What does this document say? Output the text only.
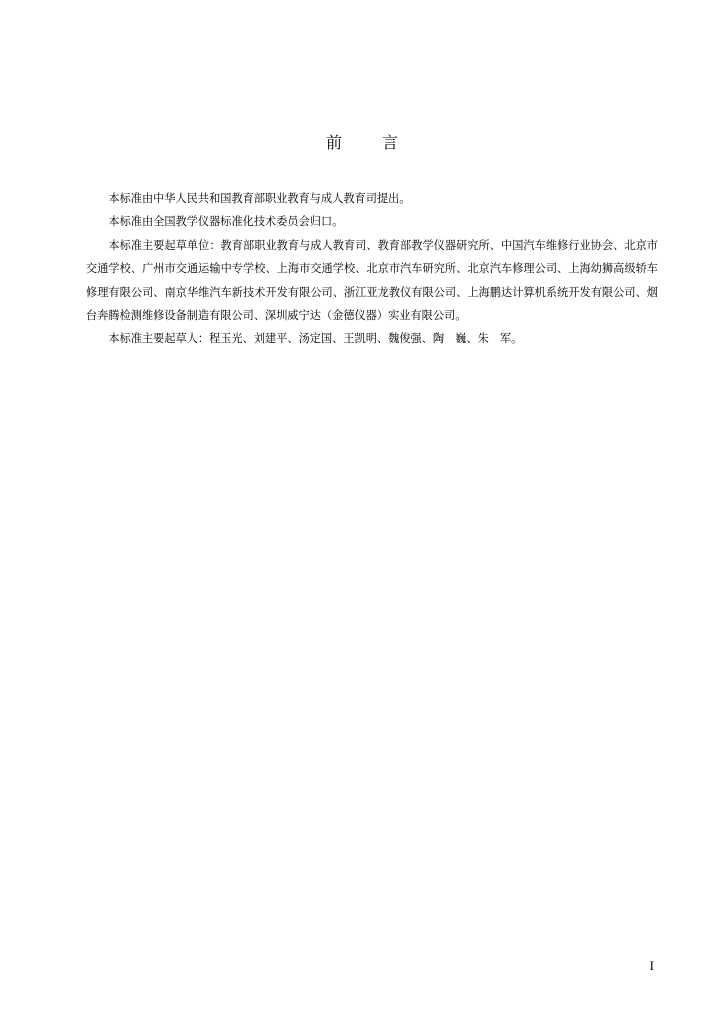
前	言

本标准由中华人民共和国教育部职业教育与成人教育司提出。

本标准由全国教学仪器标准化技术委员会归口。

本标准主要起草单位：教育部职业教育与成人教育司、教育部教学仪器研究所、中国汽车维修行业协会、北京市交通学校、广州市交通运输中专学校、上海市交通学校、北京市汽车研究所、北京汽车修理公司、上海幼狮高级轿车修理有限公司、南京华维汽车新技术开发有限公司、浙江亚龙教仪有限公司、上海鹏达计算机系统开发有限公司、烟台奔腾检测维修设备制造有限公司、深圳威宁达（金德仪器）实业有限公司。

本标准主要起草人：程玉光、刘建平、汤定国、王凯明、魏俊强、陶　巍、朱　军。

I
